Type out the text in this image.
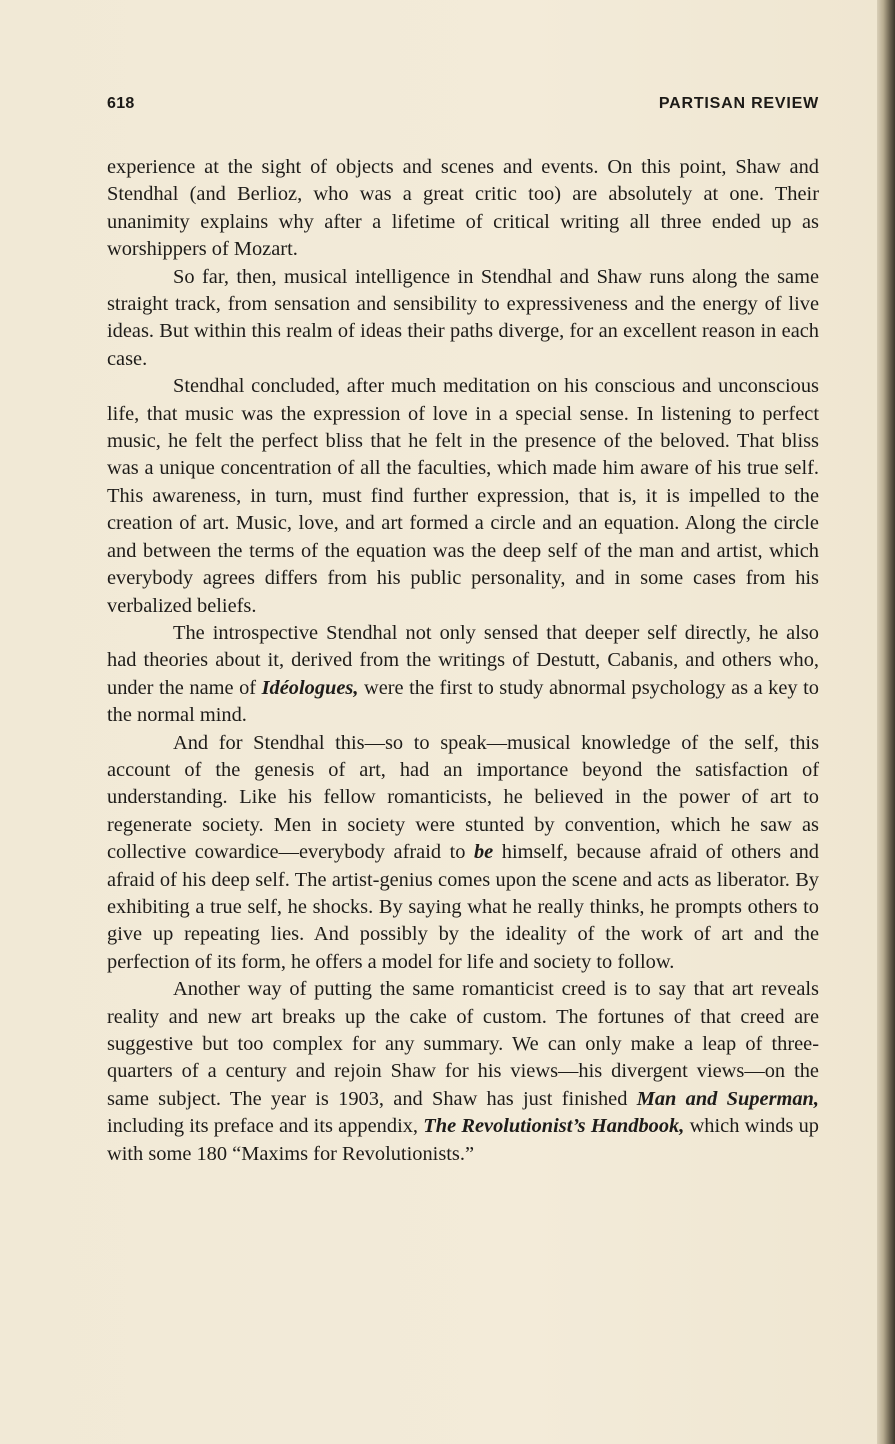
618	PARTISAN REVIEW

experience at the sight of objects and scenes and events. On this point, Shaw and Stendhal (and Berlioz, who was a great critic too) are absolutely at one. Their unanimity explains why after a lifetime of critical writing all three ended up as worshippers of Mozart.

So far, then, musical intelligence in Stendhal and Shaw runs along the same straight track, from sensation and sensibility to expressiveness and the energy of live ideas. But within this realm of ideas their paths diverge, for an excellent reason in each case.

Stendhal concluded, after much meditation on his conscious and unconscious life, that music was the expression of love in a special sense. In listening to perfect music, he felt the perfect bliss that he felt in the presence of the beloved. That bliss was a unique concentration of all the faculties, which made him aware of his true self. This awareness, in turn, must find further expression, that is, it is impelled to the creation of art. Music, love, and art formed a circle and an equation. Along the circle and between the terms of the equation was the deep self of the man and artist, which everybody agrees differs from his public personality, and in some cases from his verbalized beliefs.

The introspective Stendhal not only sensed that deeper self directly, he also had theories about it, derived from the writings of Destutt, Cabanis, and others who, under the name of Idéologues, were the first to study abnormal psychology as a key to the normal mind.

And for Stendhal this—so to speak—musical knowledge of the self, this account of the genesis of art, had an importance beyond the satisfaction of understanding. Like his fellow romanticists, he believed in the power of art to regenerate society. Men in society were stunted by convention, which he saw as collective cowardice—everybody afraid to be himself, because afraid of others and afraid of his deep self. The artist-genius comes upon the scene and acts as liberator. By exhibiting a true self, he shocks. By saying what he really thinks, he prompts others to give up repeating lies. And possibly by the ideality of the work of art and the perfection of its form, he offers a model for life and society to follow.

Another way of putting the same romanticist creed is to say that art reveals reality and new art breaks up the cake of custom. The fortunes of that creed are suggestive but too complex for any summary. We can only make a leap of three-quarters of a century and rejoin Shaw for his views—his divergent views—on the same subject. The year is 1903, and Shaw has just finished Man and Superman, including its preface and its appendix, The Revolutionist’s Handbook, which winds up with some 180 “Maxims for Revolutionists.”
